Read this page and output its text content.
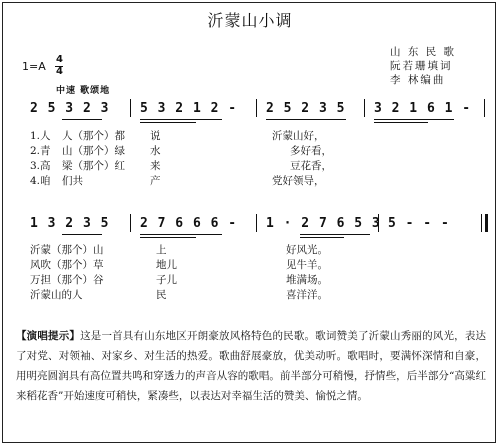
沂蒙山小调
山 东 民 歌
阮若珊填词
李 林编曲
1=A
4
4
中速 歌颂地
2 5 3 2 3 5 3 2 1 2 - 2 5 2 3 5 3 2 1 6 1 -
1.人 人（那个）都 说	沂蒙山好，
2.青 山（那个）绿 水	多好看，
3.高 梁（那个）红 来	豆花香，
4.咱 们共	产	党好领导，
1 3 2 3 5 2 7 6 6 6 - 1 · 2 7 6 5 3 5 - - -
沂蒙（那个）山	上	好风光。
风吹（那个）草	地儿	见牛羊。
万担（那个）谷	子儿	堆满场。
沂蒙山的人	民	喜洋洋。
【演唱提示】这是一首具有山东地区开朗豪放风格特色的民歌。歌词赞美了沂蒙山秀丽的风光，表达了对党、对领袖、对家乡、对生活的热爱。歌曲舒展豪放，优美动听。歌唱时，要满怀深情和自豪，用明亮圆润具有高位置共鸣和穿透力的声音从容的歌唱。前半部分可稍慢，抒情些，后半部分“高粱红来稻花香”开始速度可稍快，紧凑些，以表达对幸福生活的赞美、愉悦之情。
